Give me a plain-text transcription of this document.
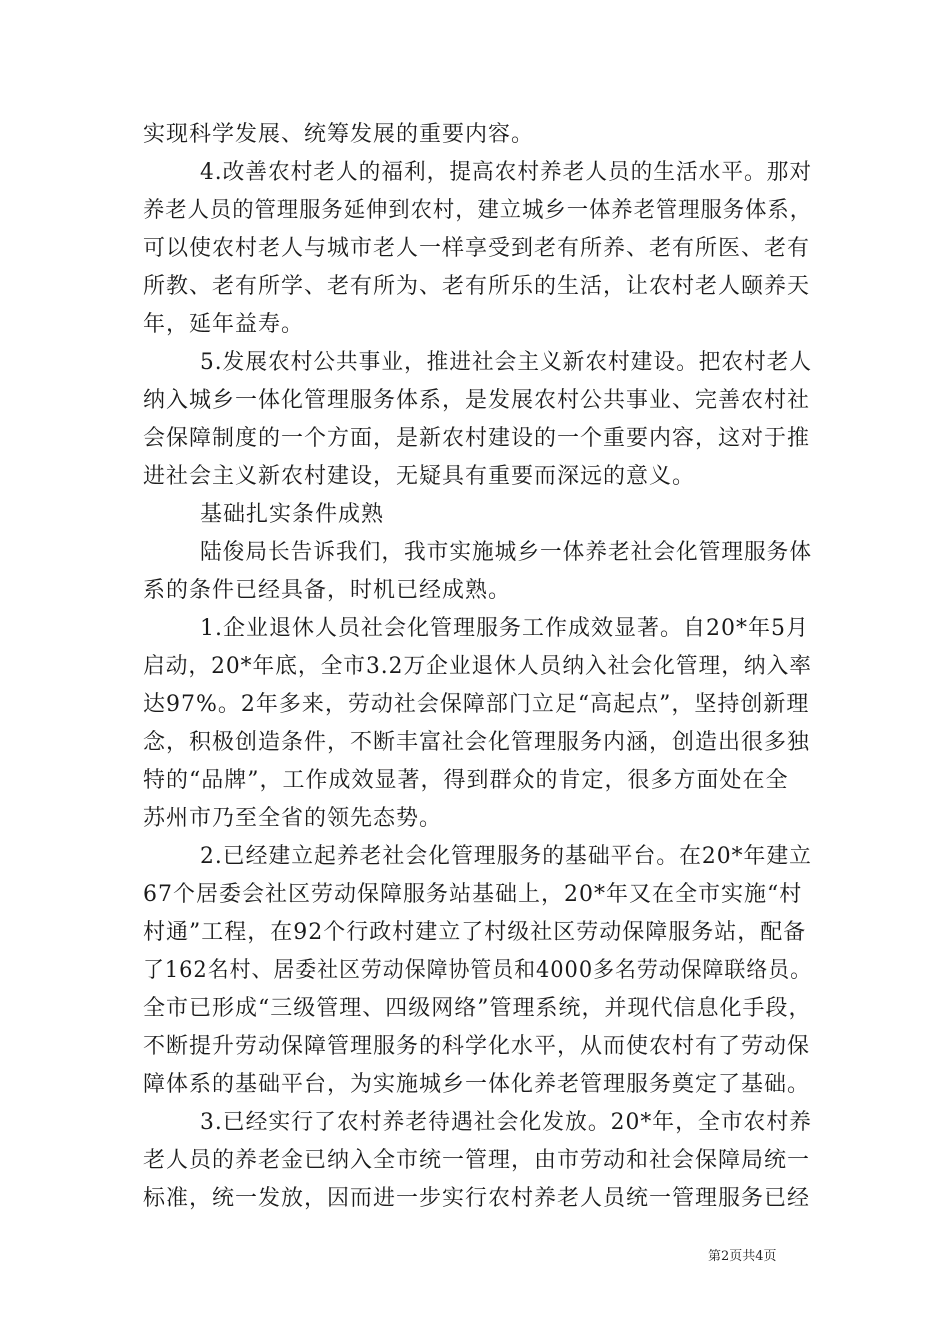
实现科学发展、统筹发展的重要内容。
4.改善农村老人的福利，提高农村养老人员的生活水平。那对
养老人员的管理服务延伸到农村，建立城乡一体养老管理服务体系，
可以使农村老人与城市老人一样享受到老有所养、老有所医、老有
所教、老有所学、老有所为、老有所乐的生活，让农村老人颐养天
年，延年益寿。
5.发展农村公共事业，推进社会主义新农村建设。把农村老人
纳入城乡一体化管理服务体系，是发展农村公共事业、完善农村社
会保障制度的一个方面，是新农村建设的一个重要内容，这对于推
进社会主义新农村建设，无疑具有重要而深远的意义。
基础扎实条件成熟
陆俊局长告诉我们，我市实施城乡一体养老社会化管理服务体
系的条件已经具备，时机已经成熟。
1.企业退休人员社会化管理服务工作成效显著。自20*年5月
启动，20*年底，全市3.2万企业退休人员纳入社会化管理，纳入率
达97%。2年多来，劳动社会保障部门立足“高起点”，坚持创新理
念，积极创造条件，不断丰富社会化管理服务内涵，创造出很多独
特的“品牌”，工作成效显著，得到群众的肯定，很多方面处在全
苏州市乃至全省的领先态势。
2.已经建立起养老社会化管理服务的基础平台。在20*年建立
67个居委会社区劳动保障服务站基础上，20*年又在全市实施“村
村通”工程，在92个行政村建立了村级社区劳动保障服务站，配备
了162名村、居委社区劳动保障协管员和4000多名劳动保障联络员。
全市已形成“三级管理、四级网络”管理系统，并现代信息化手段，
不断提升劳动保障管理服务的科学化水平，从而使农村有了劳动保
障体系的基础平台，为实施城乡一体化养老管理服务奠定了基础。
3.已经实行了农村养老待遇社会化发放。20*年，全市农村养
老人员的养老金已纳入全市统一管理，由市劳动和社会保障局统一
标准，统一发放，因而进一步实行农村养老人员统一管理服务已经
第2页共4页
